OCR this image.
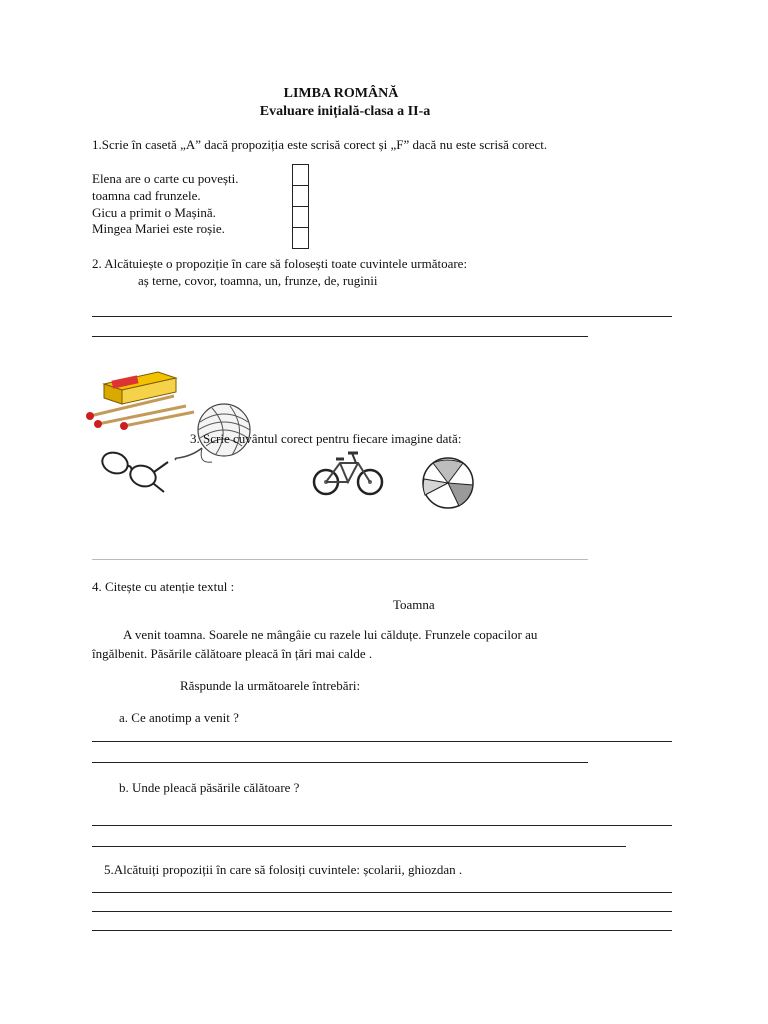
LIMBA ROMÂNĂ
Evaluare inițială-clasa a II-a
1.Scrie în casetă „A” dacă propoziția este scrisă corect și „F” dacă nu este scrisă corect.
Elena are o carte cu povești.
toamna cad frunzele.
Gicu a primit o Mașină.
Mingea Mariei este roșie.
2. Alcătuiește o propoziție în care să folosești toate cuvintele următoare:
aș terne, covor, toamna, un, frunze, de, ruginii
3. Scrie cuvântul corect pentru fiecare imagine dată:
4. Citește cu atenție textul :
Toamna
A venit toamna. Soarele ne mângâie cu razele lui călduțe. Frunzele copacilor au
îngălbenit. Păsările călătoare pleacă în țări mai calde .
Răspunde la următoarele întrebări:
a. Ce anotimp a venit ?
b. Unde pleacă păsările călătoare ?
5.Alcătuiți propoziții în care să folosiți cuvintele: școlarii, ghiozdan .
